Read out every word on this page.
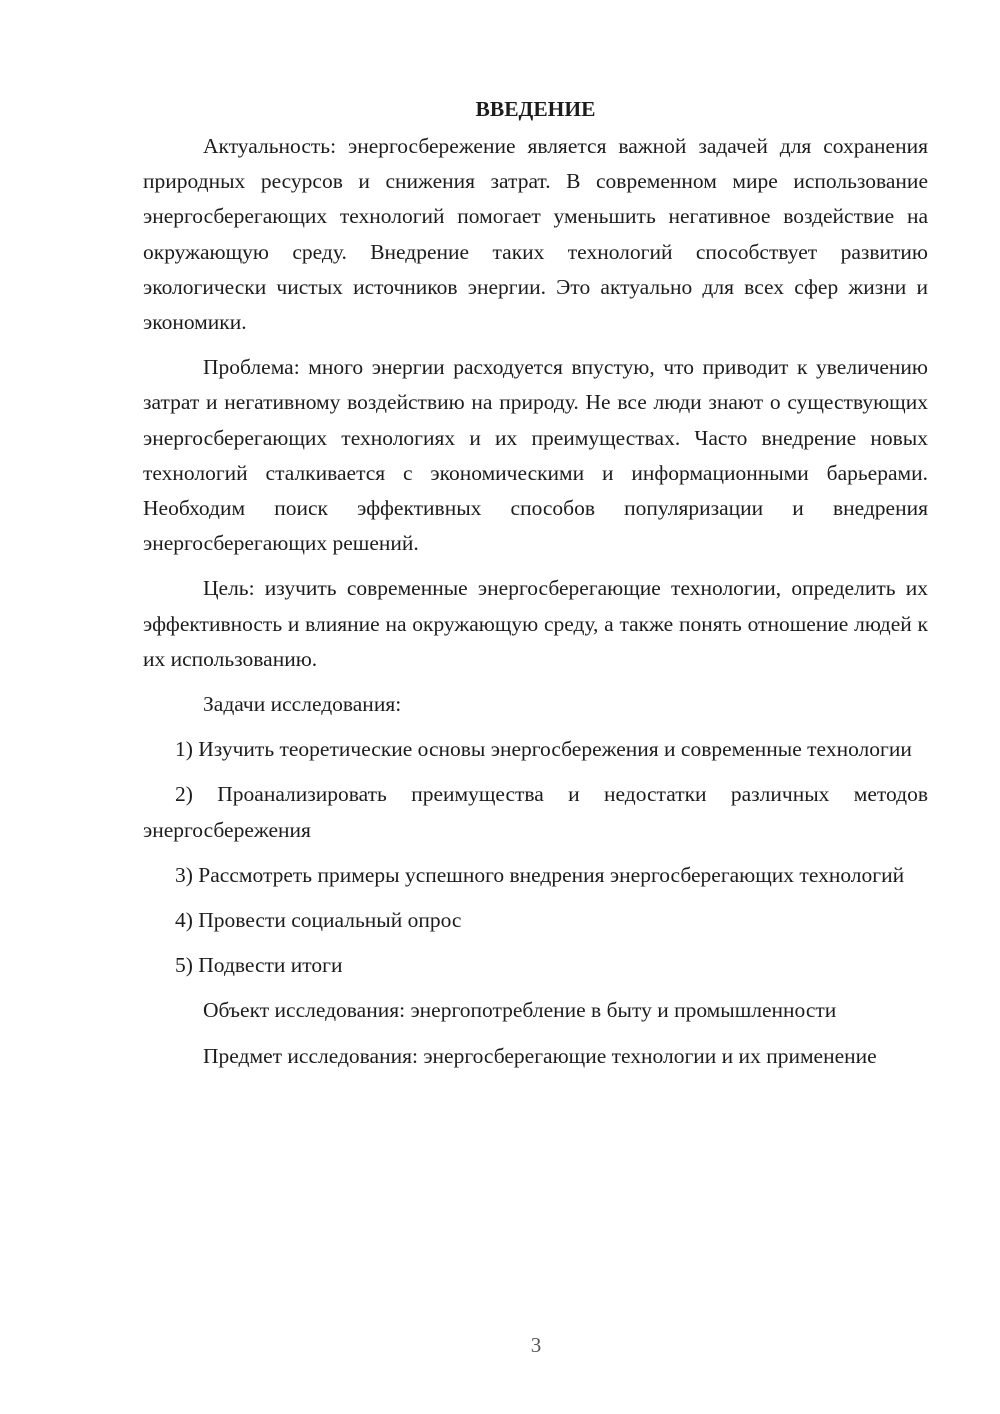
ВВЕДЕНИЕ

Актуальность: энергосбережение является важной задачей для сохранения природных ресурсов и снижения затрат. В современном мире использование энергосберегающих технологий помогает уменьшить негативное воздействие на окружающую среду. Внедрение таких технологий способствует развитию экологически чистых источников энергии. Это актуально для всех сфер жизни и экономики.

Проблема: много энергии расходуется впустую, что приводит к увеличению затрат и негативному воздействию на природу. Не все люди знают о существующих энергосберегающих технологиях и их преимуществах. Часто внедрение новых технологий сталкивается с экономическими и информационными барьерами. Необходим поиск эффективных способов популяризации и внедрения энергосберегающих решений.

Цель: изучить современные энергосберегающие технологии, определить их эффективность и влияние на окружающую среду, а также понять отношение людей к их использованию.

Задачи исследования:

1) Изучить теоретические основы энергосбережения и современные технологии

2) Проанализировать преимущества и недостатки различных методов энергосбережения

3) Рассмотреть примеры успешного внедрения энергосберегающих технологий

4) Провести социальный опрос

5) Подвести итоги

Объект исследования: энергопотребление в быту и промышленности

Предмет исследования: энергосберегающие технологии и их применение

3
